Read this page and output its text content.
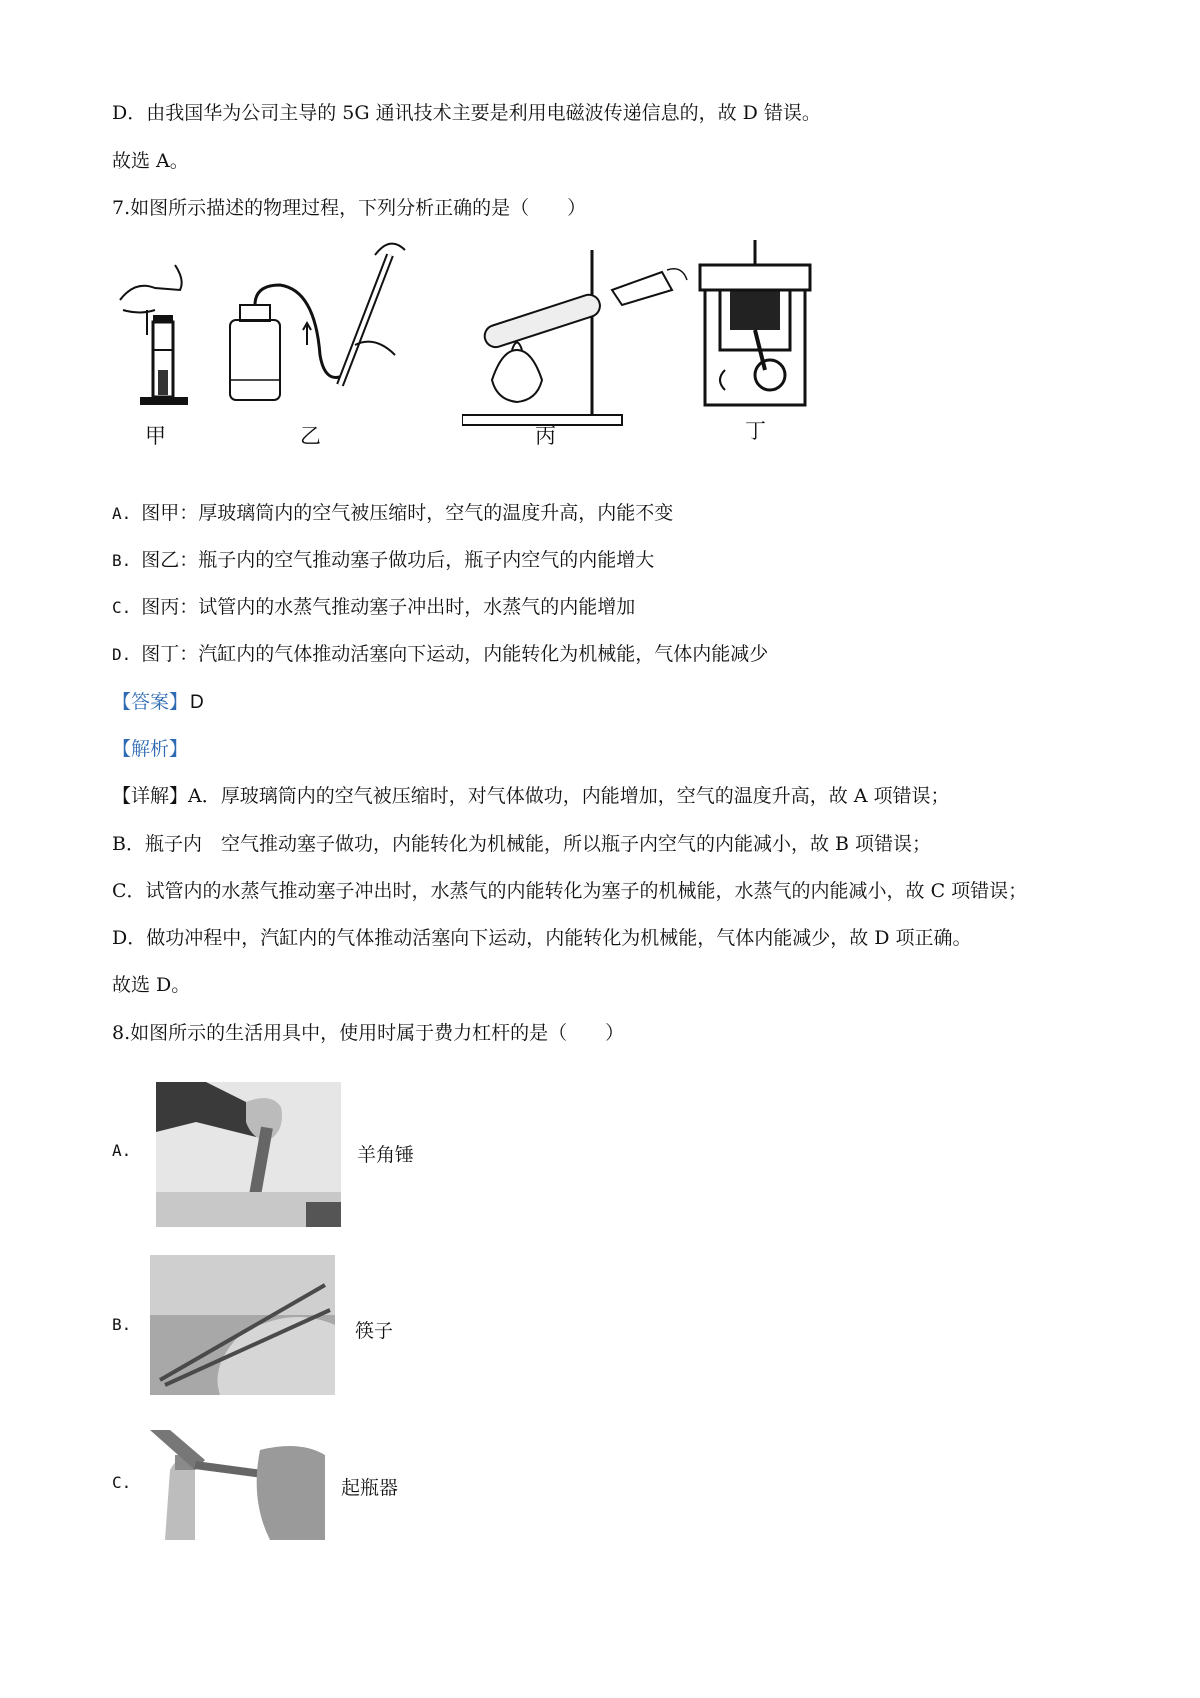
D．由我国华为公司主导的 5G 通讯技术主要是利用电磁波传递信息的，故 D 错误。
故选 A。
7.如图所示描述的物理过程，下列分析正确的是（　　）
甲	乙	丙	丁
A. 图甲：厚玻璃筒内的空气被压缩时，空气的温度升高，内能不变
B. 图乙：瓶子内的空气推动塞子做功后，瓶子内空气的内能增大
C. 图丙：试管内的水蒸气推动塞子冲出时，水蒸气的内能增加
D. 图丁：汽缸内的气体推动活塞向下运动，内能转化为机械能，气体内能减少
【答案】 D
【解析】
【详解】A．厚玻璃筒内的空气被压缩时，对气体做功，内能增加，空气的温度升高，故 A 项错误；
B．瓶子内　空气推动塞子做功，内能转化为机械能，所以瓶子内空气的内能减小，故 B 项错误；
C．试管内的水蒸气推动塞子冲出时，水蒸气的内能转化为塞子的机械能，水蒸气的内能减小，故 C 项错误；
D．做功冲程中，汽缸内的气体推动活塞向下运动，内能转化为机械能，气体内能减少，故 D 项正确。
故选 D。
8.如图所示的生活用具中，使用时属于费力杠杆的是（　　）
A.	羊角锤
B.	筷子
C.	起瓶器
